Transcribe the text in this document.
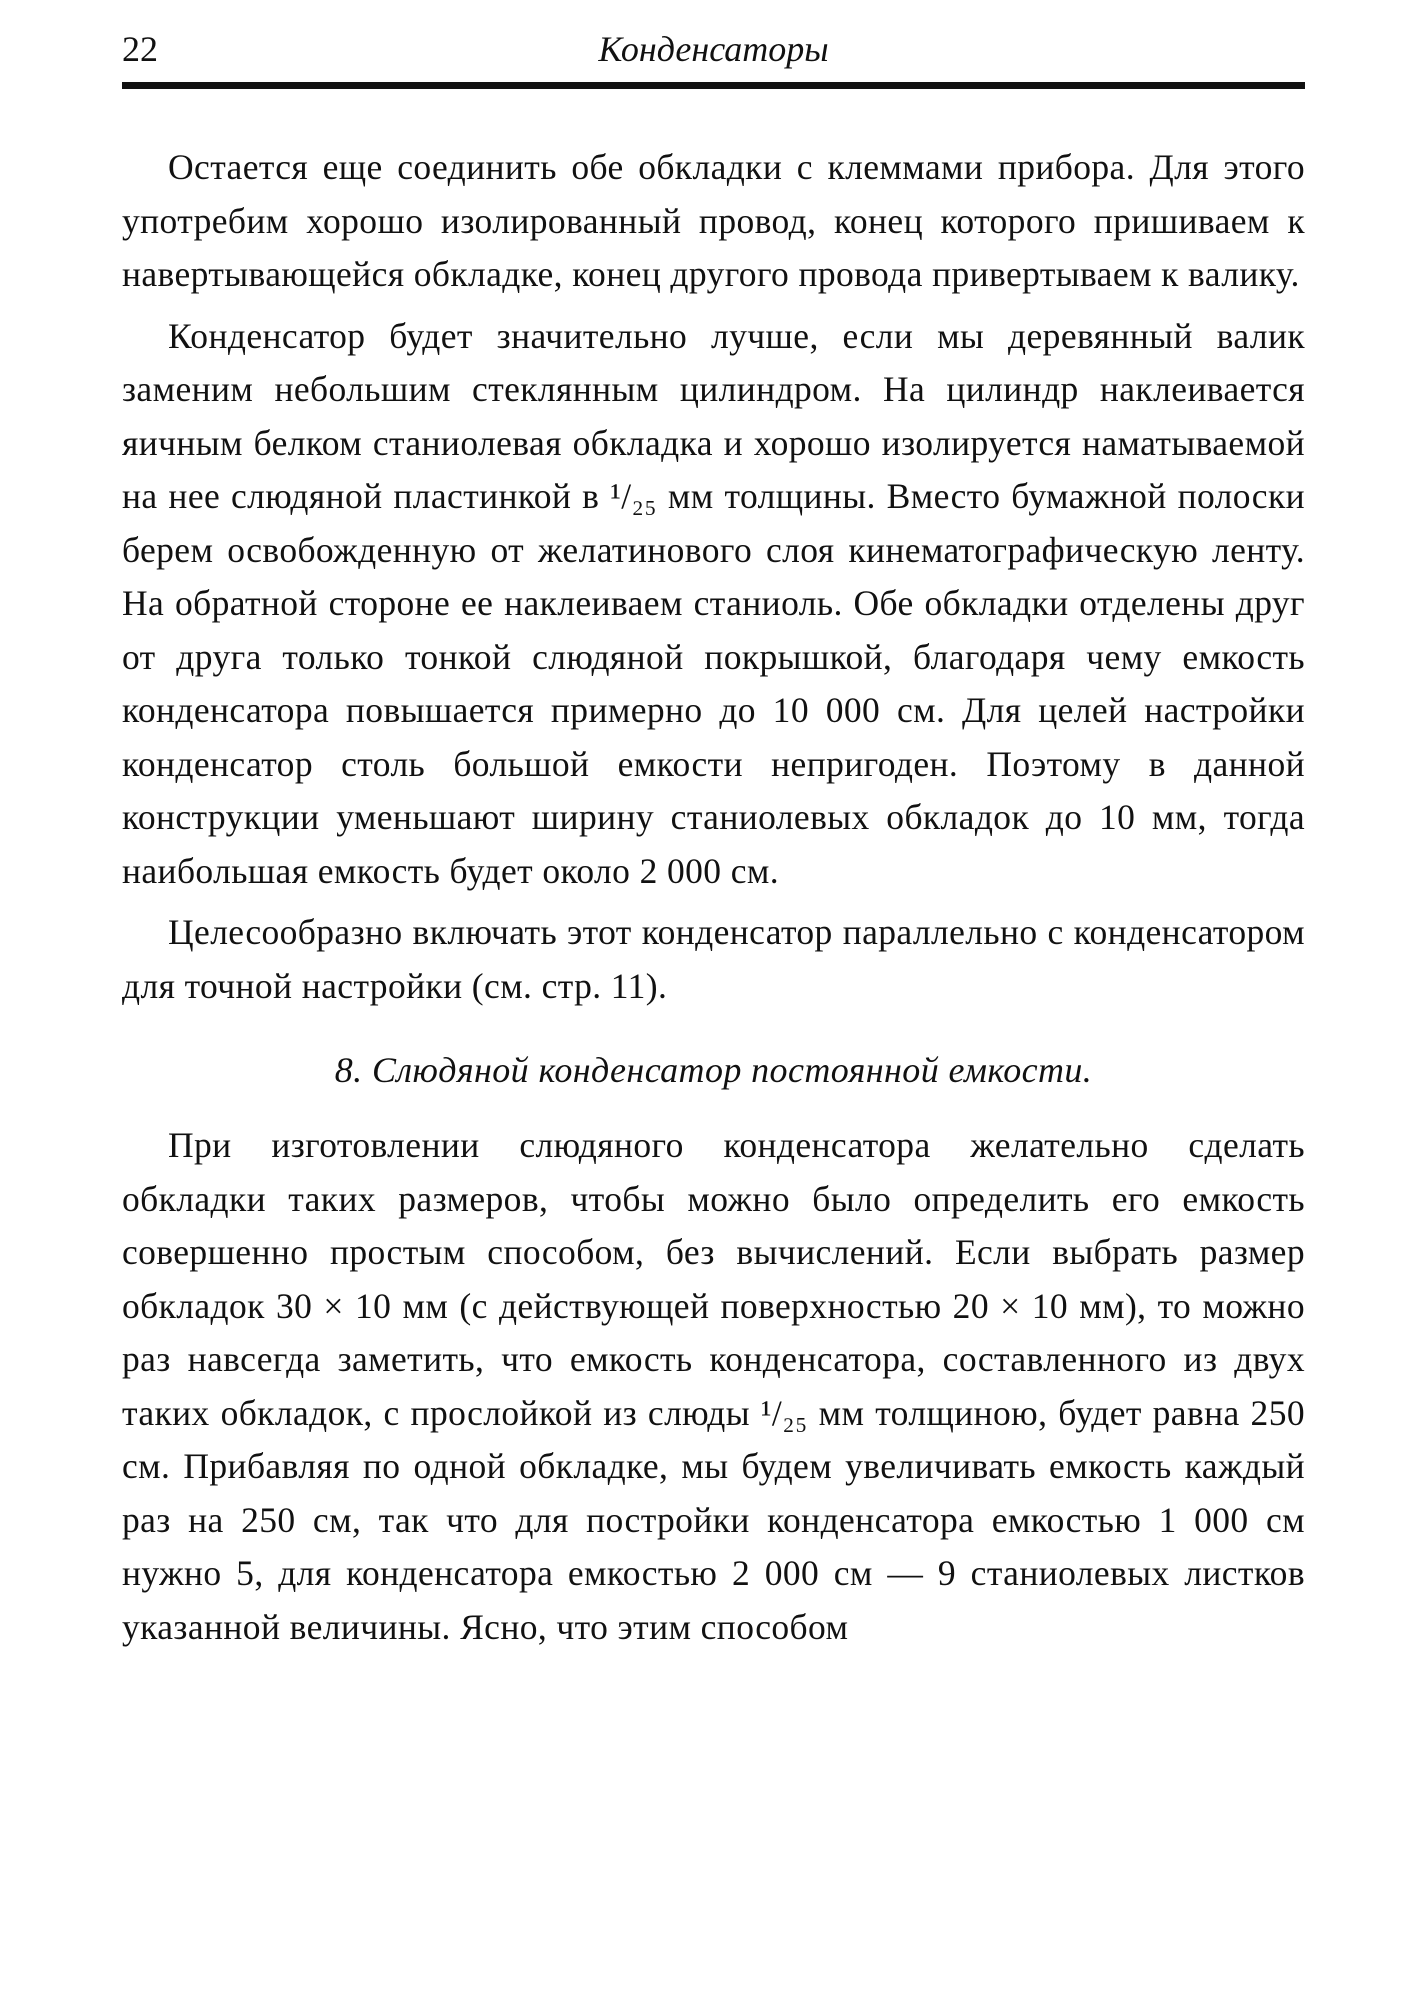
22	Конденсаторы

Остается еще соединить обе обкладки с клеммами прибора. Для этого употребим хорошо изолированный провод, конец которого пришиваем к навертывающейся обкладке, конец другого провода привертываем к валику.

Конденсатор будет значительно лучше, если мы деревянный валик заменим небольшим стеклянным цилиндром. На цилиндр наклеивается яичным белком станиолевая обкладка и хорошо изолируется наматываемой на нее слюдяной пластинкой в ¹/₂₅ мм толщины. Вместо бумажной полоски берем освобожденную от желатинового слоя кинематографическую ленту. На обратной стороне ее наклеиваем станиоль. Обе обкладки отделены друг от друга только тонкой слюдяной покрышкой, благодаря чему емкость конденсатора повышается примерно до 10 000 см. Для целей настройки конденсатор столь большой емкости непригоден. Поэтому в данной конструкции уменьшают ширину станиолевых обкладок до 10 мм, тогда наибольшая емкость будет около 2 000 см.

Целесообразно включать этот конденсатор параллельно с конденсатором для точной настройки (см. стр. 11).

8. Слюдяной конденсатор постоянной емкости.

При изготовлении слюдяного конденсатора желательно сделать обкладки таких размеров, чтобы можно было определить его емкость совершенно простым способом, без вычислений. Если выбрать размер обкладок 30 × 10 мм (с действующей поверхностью 20 × 10 мм), то можно раз навсегда заметить, что емкость конденсатора, составленного из двух таких обкладок, с прослойкой из слюды ¹/₂₅ мм толщиною, будет равна 250 см. Прибавляя по одной обкладке, мы будем увеличивать емкость каждый раз на 250 см, так что для постройки конденсатора емкостью 1 000 см нужно 5, для конденсатора емкостью 2 000 см — 9 станиолевых листков указанной величины. Ясно, что этим способом
